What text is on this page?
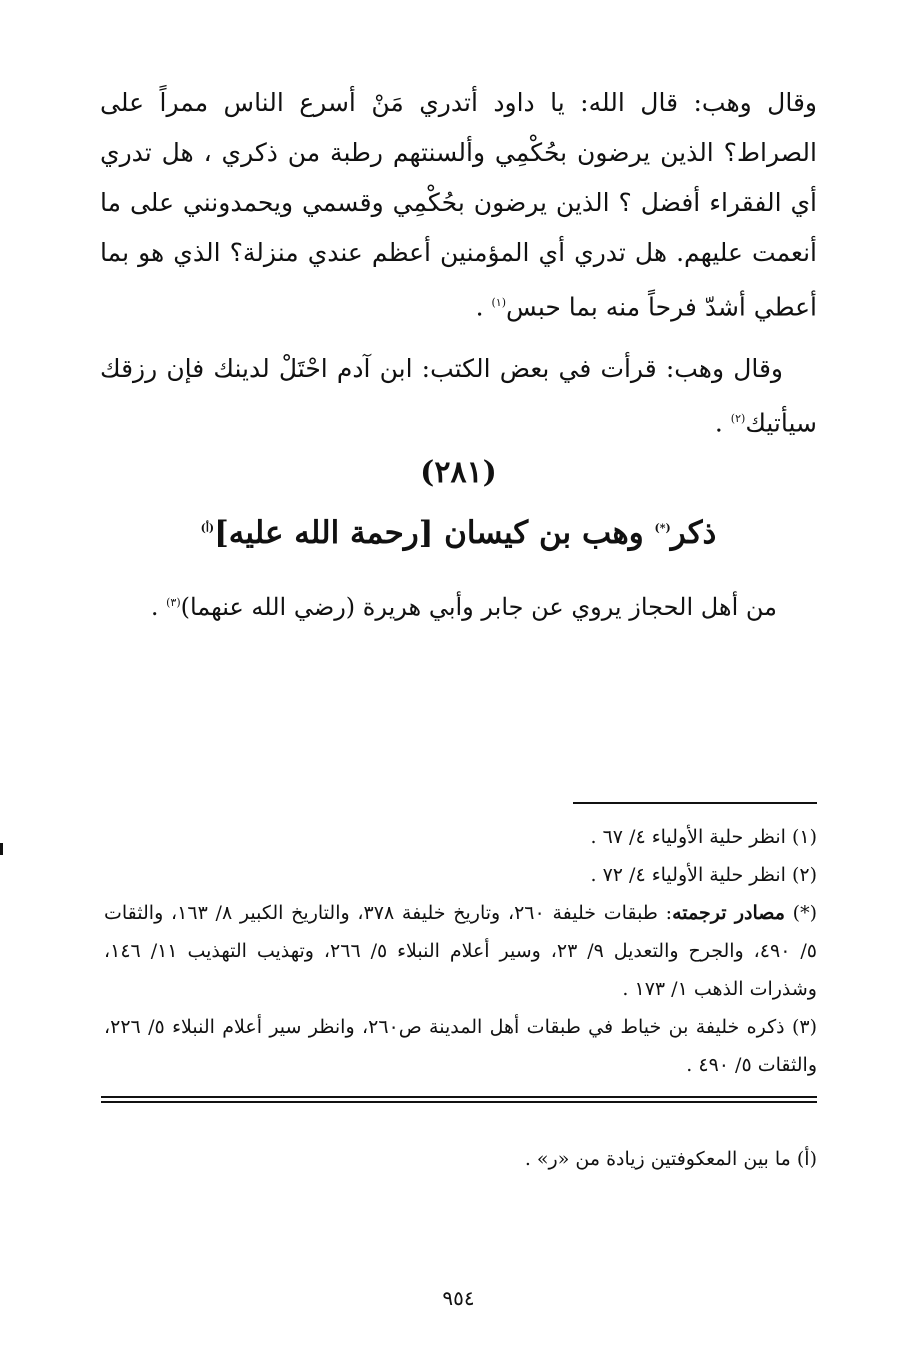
وقال وهب: قال الله: يا داود أتدري مَنْ أسرع الناس ممراً على الصراط؟ الذين يرضون بحُكْمِي وألسنتهم رطبة من ذكري ، هل تدري أي الفقراء أفضل ؟ الذين يرضون بحُكْمِي وقسمي ويحمدونني على ما أنعمت عليهم. هل تدري أي المؤمنين أعظم عندي منزلة؟ الذي هو بما أعطي أشدّ فرحاً منه بما حبس$^{(١)}$ .

وقال وهب: قرأت في بعض الكتب: ابن آدم احْتَلْ لدينك فإن رزقك سيأتيك$^{(٢)}$ .

(٢٨١)
ذكر(*) وهب بن كيسان [رحمة الله عليه]$^{(أ)}$
من أهل الحجاز يروي عن جابر وأبي هريرة (رضي الله عنهما)$^{(٣)}$ .

(١) انظر حلية الأولياء ٤/ ٦٧ .

(٢) انظر حلية الأولياء ٤/ ٧٢ .

(*) مصادر ترجمته: طبقات خليفة ٢٦٠، وتاريخ خليفة ٣٧٨، والتاريخ الكبير ٨/ ١٦٣، والثقات ٥/ ٤٩٠، والجرح والتعديل ٩/ ٢٣، وسير أعلام النبلاء ٥/ ٢٦٦، وتهذيب التهذيب ١١/ ١٤٦، وشذرات الذهب ١/ ١٧٣ .

(٣) ذكره خليفة بن خياط في طبقات أهل المدينة ص٢٦٠، وانظر سير أعلام النبلاء ٥/ ٢٢٦، والثقات ٥/ ٤٩٠ .

(أ) ما بين المعكوفتين زيادة من «ر» .
٩٥٤
